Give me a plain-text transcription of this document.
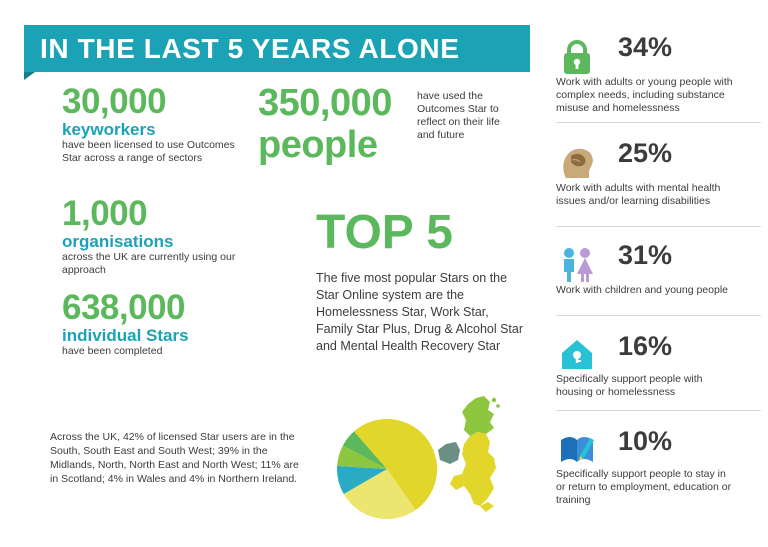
IN THE LAST 5 YEARS ALONE
30,000
keyworkers
have been licensed to use Outcomes Star across a range of sectors
1,000
organisations
across the UK are currently using our approach
638,000
individual Stars
have been completed
350,000
people
have used the Outcomes Star to reflect on their life and future
TOP 5
The five most popular Stars on the Star Online system are the Homelessness Star, Work Star, Family Star Plus, Drug & Alcohol Star and Mental Health Recovery Star
Across the UK, 42% of licensed Star users are in the South, South East and South West; 39% in the Midlands, North, North East and North West; 11% are in Scotland; 4% in Wales and 4% in Northern Ireland.
34%
Work with adults or young people with complex needs, including substance misuse and homelessness
25%
Work with adults with mental health issues and/or learning disabilities
31%
Work with children and young people
16%
Specifically support people with housing or homelessness
10%
Specifically support people to stay in or return to employment, education or training
